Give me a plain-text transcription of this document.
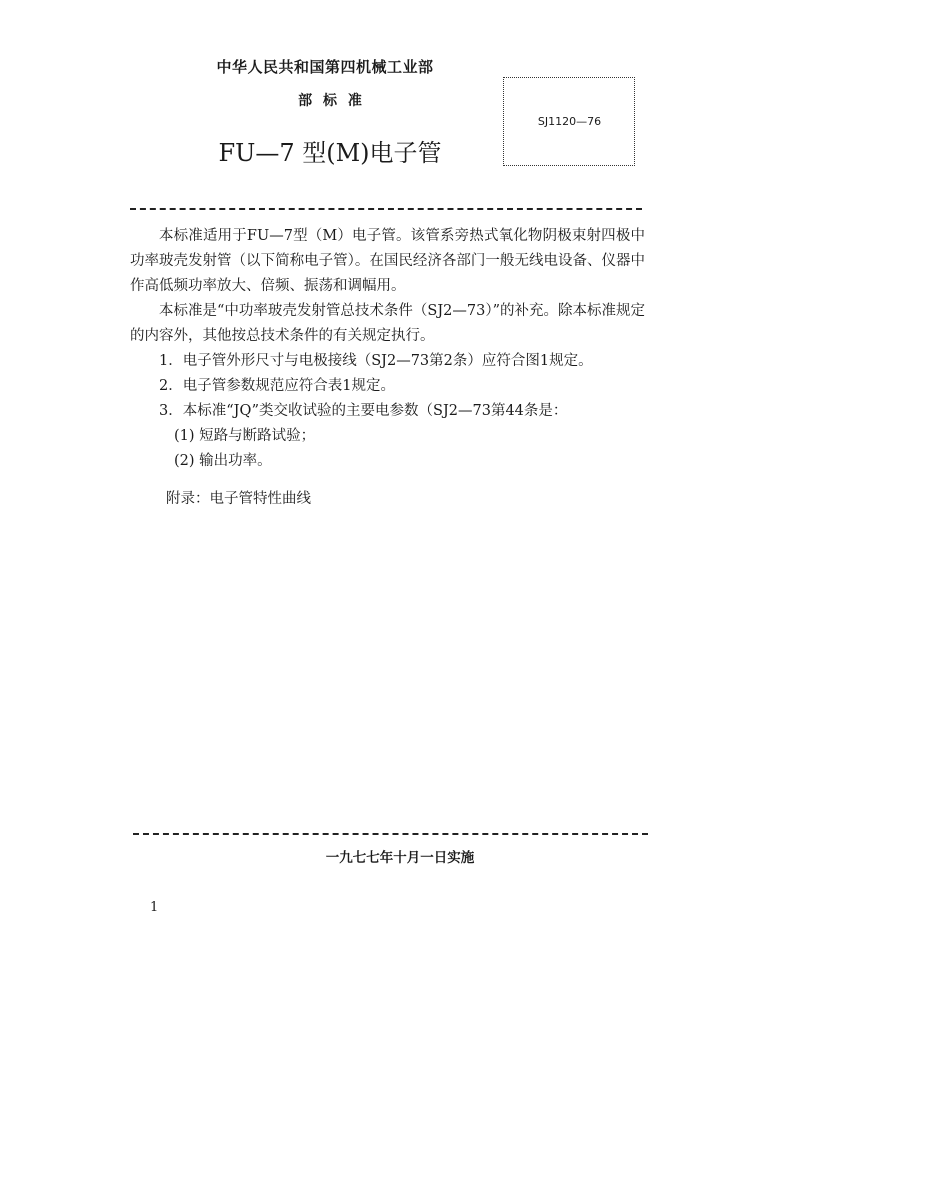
中华人民共和国第四机械工业部
部 标 准
FU—7 型(M)电子管
SJ1120—76

本标准适用于FU—7型（M）电子管。该管系旁热式氧化物阴极束射四极中功率玻壳发射管（以下简称电子管）。在国民经济各部门一般无线电设备、仪器中作高低频功率放大、倍频、振荡和调幅用。

本标准是“中功率玻壳发射管总技术条件（SJ2—73）”的补充。除本标准规定的内容外，其他按总技术条件的有关规定执行。

1．电子管外形尺寸与电极接线（SJ2—73第2条）应符合图1规定。

2．电子管参数规范应符合表1规定。

3．本标准“JQ”类交收试验的主要电参数（SJ2—73第44条是：

(1) 短路与断路试验；

(2) 输出功率。

附录：电子管特性曲线

一九七七年十月一日实施
1
